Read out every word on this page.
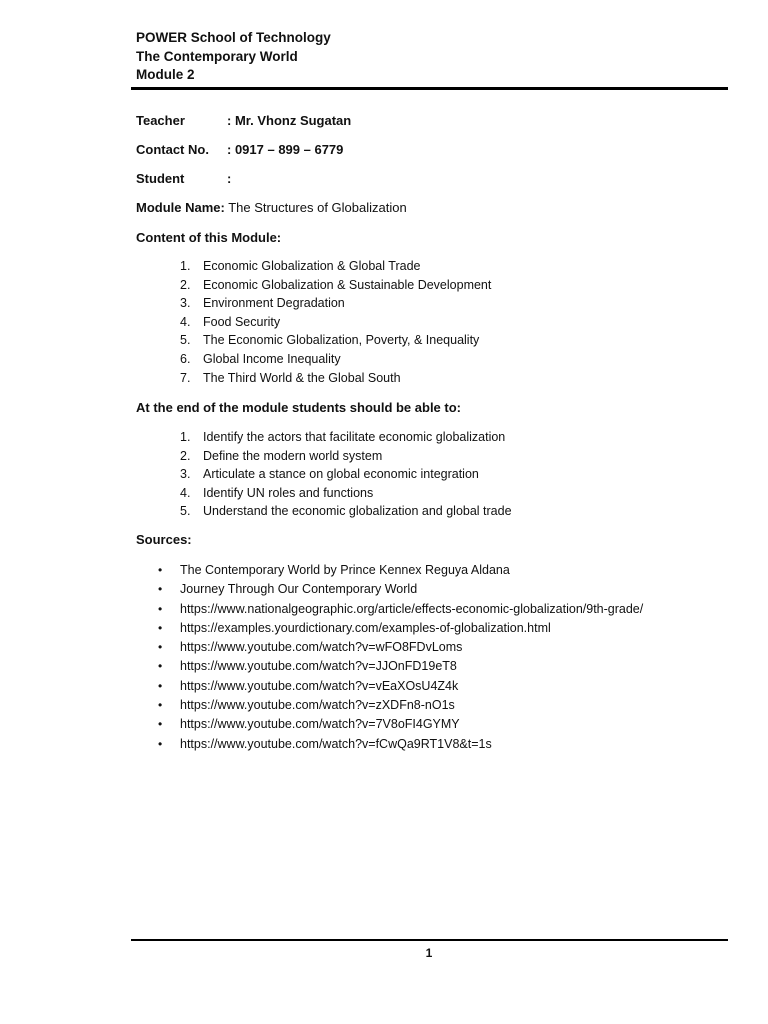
POWER School of Technology
The Contemporary World
Module 2
Teacher	: Mr. Vhonz Sugatan
Contact No. : 0917 – 899 – 6779
Student	:
Module Name: The Structures of Globalization
Content of this Module:
1. Economic Globalization & Global Trade
2. Economic Globalization & Sustainable Development
3. Environment Degradation
4. Food Security
5. The Economic Globalization, Poverty, & Inequality
6. Global Income Inequality
7. The Third World & the Global South
At the end of the module students should be able to:
1. Identify the actors that facilitate economic globalization
2. Define the modern world system
3. Articulate a stance on global economic integration
4. Identify UN roles and functions
5. Understand the economic globalization and global trade
Sources:
• The Contemporary World by Prince Kennex Reguya Aldana
• Journey Through Our Contemporary World
• https://www.nationalgeographic.org/article/effects-economic-globalization/9th-grade/
• https://examples.yourdictionary.com/examples-of-globalization.html
• https://www.youtube.com/watch?v=wFO8FDvLoms
• https://www.youtube.com/watch?v=JJOnFD19eT8
• https://www.youtube.com/watch?v=vEaXOsU4Z4k
• https://www.youtube.com/watch?v=zXDFn8-nO1s
• https://www.youtube.com/watch?v=7V8oFI4GYMY
• https://www.youtube.com/watch?v=fCwQa9RT1V8&t=1s
1
